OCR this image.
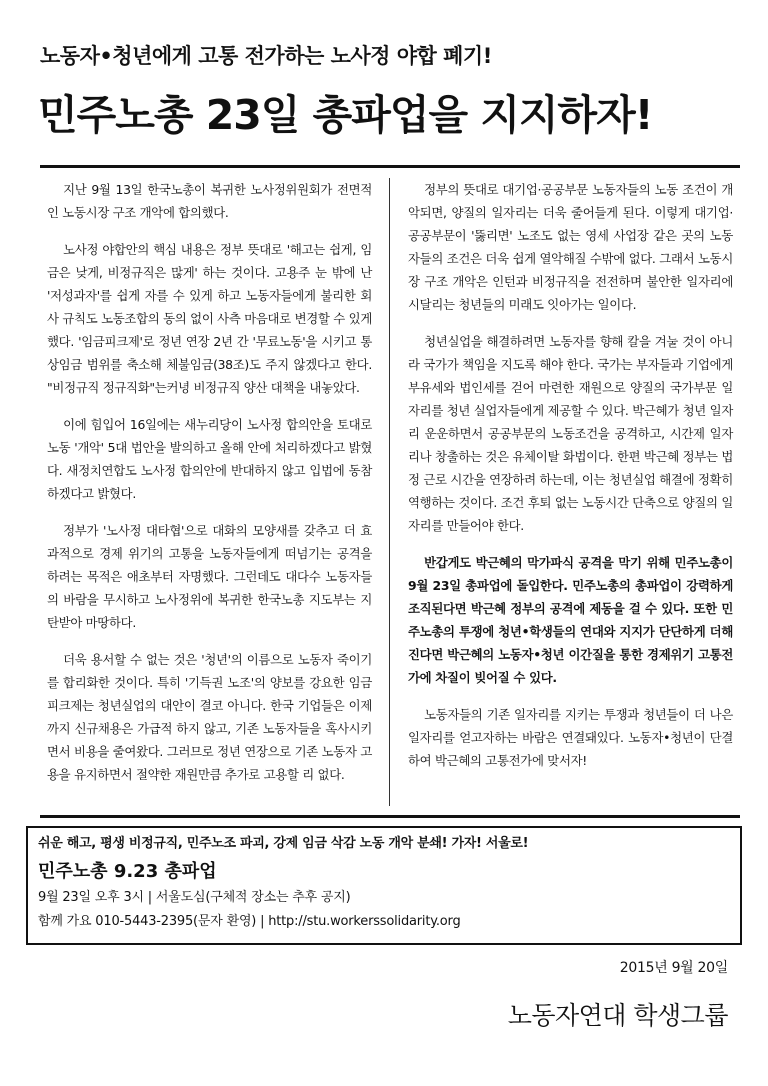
노동자•청년에게 고통 전가하는 노사정 야합 폐기!
민주노총 23일 총파업을 지지하자!

지난 9월 13일 한국노총이 복귀한 노사정위원회가 전면적인 노동시장 구조 개악에 합의했다.

노사정 야합안의 핵심 내용은 정부 뜻대로 '해고는 쉽게, 임금은 낮게, 비정규직은 많게' 하는 것이다. 고용주 눈 밖에 난 '저성과자'를 쉽게 자를 수 있게 하고 노동자들에게 불리한 회사 규칙도 노동조합의 동의 없이 사측 마음대로 변경할 수 있게 했다. '임금피크제'로 정년 연장 2년 간 '무료노동'을 시키고 통상임금 범위를 축소해 체불임금(38조)도 주지 않겠다고 한다. "비정규직 정규직화"는커녕 비정규직 양산 대책을 내놓았다.

이에 힘입어 16일에는 새누리당이 노사정 합의안을 토대로 노동 '개악' 5대 법안을 발의하고 올해 안에 처리하겠다고 밝혔다. 새정치연합도 노사정 합의안에 반대하지 않고 입법에 동참하겠다고 밝혔다.

정부가 '노사정 대타협'으로 대화의 모양새를 갖추고 더 효과적으로 경제 위기의 고통을 노동자들에게 떠넘기는 공격을 하려는 목적은 애초부터 자명했다. 그런데도 대다수 노동자들의 바람을 무시하고 노사정위에 복귀한 한국노총 지도부는 지탄받아 마땅하다.

더욱 용서할 수 없는 것은 '청년'의 이름으로 노동자 죽이기를 합리화한 것이다. 특히 '기득권 노조'의 양보를 강요한 임금피크제는 청년실업의 대안이 결코 아니다. 한국 기업들은 이제까지 신규채용은 가급적 하지 않고, 기존 노동자들을 혹사시키면서 비용을 줄여왔다. 그러므로 정년 연장으로 기존 노동자 고용을 유지하면서 절약한 재원만큼 추가로 고용할 리 없다.

정부의 뜻대로 대기업·공공부문 노동자들의 노동 조건이 개악되면, 양질의 일자리는 더욱 줄어들게 된다. 이렇게 대기업·공공부문이 '뚫리면' 노조도 없는 영세 사업장 같은 곳의 노동자들의 조건은 더욱 쉽게 열악해질 수밖에 없다. 그래서 노동시장 구조 개악은 인턴과 비정규직을 전전하며 불안한 일자리에 시달리는 청년들의 미래도 잇아가는 일이다.

청년실업을 해결하려면 노동자를 향해 칼을 겨눌 것이 아니라 국가가 책임을 지도록 해야 한다. 국가는 부자들과 기업에게 부유세와 법인세를 걷어 마련한 재원으로 양질의 국가부문 일자리를 청년 실업자들에게 제공할 수 있다. 박근혜가 청년 일자리 운운하면서 공공부문의 노동조건을 공격하고, 시간제 일자리나 창출하는 것은 유체이탈 화법이다. 한편 박근혜 정부는 법정 근로 시간을 연장하려 하는데, 이는 청년실업 해결에 정확히 역행하는 것이다. 조건 후퇴 없는 노동시간 단축으로 양질의 일자리를 만들어야 한다.

반갑게도 박근혜의 막가파식 공격을 막기 위해 민주노총이 9월 23일 총파업에 돌입한다. 민주노총의 총파업이 강력하게 조직된다면 박근혜 정부의 공격에 제동을 걸 수 있다. 또한 민주노총의 투쟁에 청년•학생들의 연대와 지지가 단단하게 더해진다면 박근혜의 노동자•청년 이간질을 통한 경제위기 고통전가에 차질이 빚어질 수 있다.

노동자들의 기존 일자리를 지키는 투쟁과 청년들이 더 나은 일자리를 얻고자하는 바람은 연결돼있다. 노동자•청년이 단결하여 박근혜의 고통전가에 맞서자!

쉬운 해고, 평생 비정규직, 민주노조 파괴, 강제 임금 삭감 노동 개악 분쇄! 가자! 서울로!
민주노총 9.23 총파업
9월 23일 오후 3시 | 서울도심(구체적 장소는 추후 공지)
함께 가요 010-5443-2395(문자 환영) | http://stu.workerssolidarity.org
2015년 9월 20일
노동자연대 학생그룹
